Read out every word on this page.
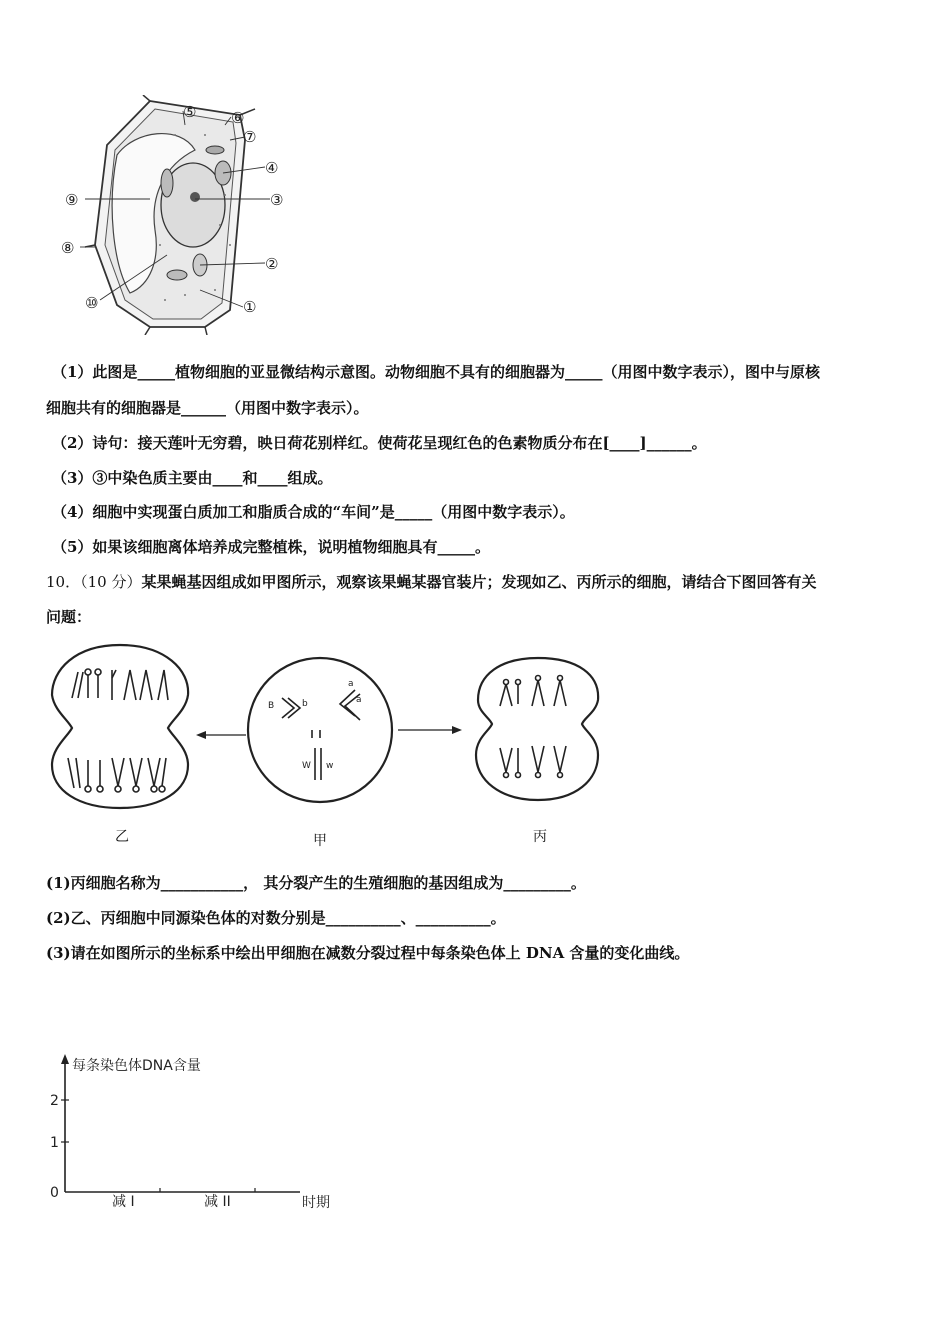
①
②
③
④
⑤ ⑥
⑦
⑧
⑨
⑩
（1）此图是_____植物细胞的亚显微结构示意图。动物细胞不具有的细胞器为_____（用图中数字表示），图中与原核
细胞共有的细胞器是______（用图中数字表示）。
（2）诗句：接天莲叶无穷碧，映日荷花别样红。使荷花呈现红色的色素物质分布在[____]______。
（3）③中染色质主要由____和____组成。
（4）细胞中实现蛋白质加工和脂质合成的“车间”是_____（用图中数字表示）。
（5）如果该细胞离体培养成完整植株，说明植物细胞具有_____。
10．（10 分）某果蝇基因组成如甲图所示，观察该果蝇某器官装片；发现如乙、丙所示的细胞，请结合下图回答有关
问题：
B	b
a
a
W w
乙	甲	丙
(1)丙细胞名称为___________， 其分裂产生的生殖细胞的基因组成为_________。
(2)乙、丙细胞中同源染色体的对数分别是__________、__________。
(3)请在如图所示的坐标系中绘出甲细胞在减数分裂过程中每条染色体上 DNA 含量的变化曲线。
每条染色体DNA含量
2
1
0
减 I	减 II	时期
